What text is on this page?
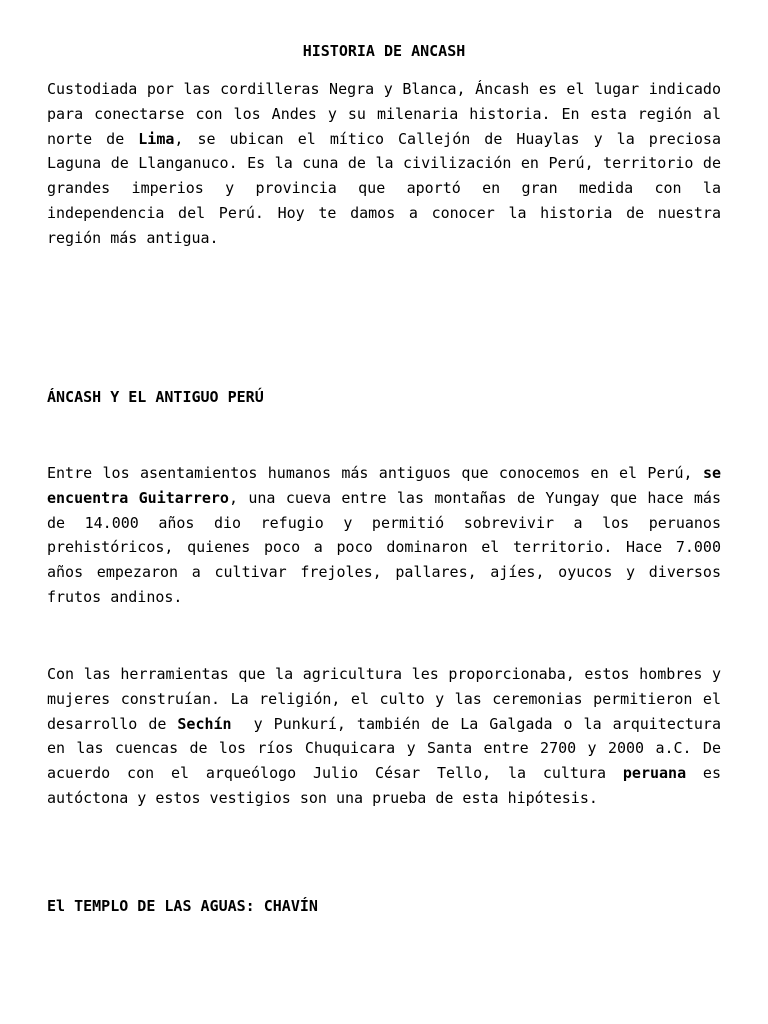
HISTORIA DE ANCASH

Custodiada por las cordilleras Negra y Blanca, Áncash es el lugar indicado para conectarse con los Andes y su milenaria historia. En esta región al norte de Lima, se ubican el mítico Callejón de Huaylas y la preciosa Laguna de Llanganuco. Es la cuna de la civilización en Perú, territorio de grandes imperios y provincia que aportó en gran medida con la independencia del Perú. Hoy te damos a conocer la historia de nuestra región más antigua.

ÁNCASH Y EL ANTIGUO PERÚ

Entre los asentamientos humanos más antiguos que conocemos en el Perú, se encuentra Guitarrero, una cueva entre las montañas de Yungay que hace más de 14.000 años dio refugio y permitió sobrevivir a los peruanos prehistóricos, quienes poco a poco dominaron el territorio. Hace 7.000 años empezaron a cultivar frejoles, pallares, ajíes, oyucos y diversos frutos andinos.

Con las herramientas que la agricultura les proporcionaba, estos hombres y mujeres construían. La religión, el culto y las ceremonias permitieron el desarrollo de Sechín  y Punkurí, también de La Galgada o la arquitectura en las cuencas de los ríos Chuquicara y Santa entre 2700 y 2000 a.C. De acuerdo con el arqueólogo Julio César Tello, la cultura peruana es autóctona y estos vestigios son una prueba de esta hipótesis.

El TEMPLO DE LAS AGUAS: CHAVÍN
